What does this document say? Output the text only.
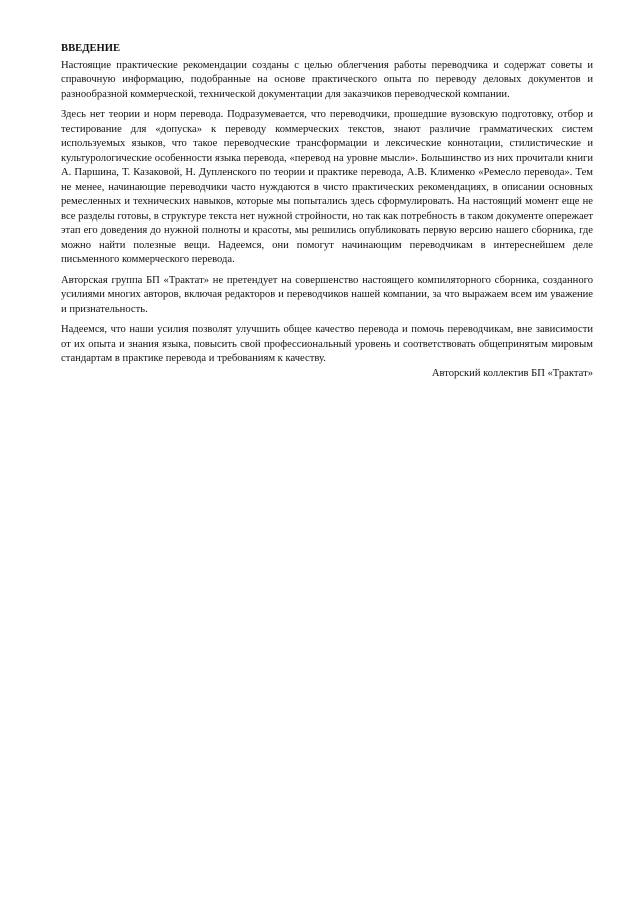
ВВЕДЕНИЕ

Настоящие практические рекомендации созданы с целью облегчения работы переводчика и содержат советы и справочную информацию, подобранные на основе практического опыта по переводу деловых документов и разнообразной коммерческой, технической документации для заказчиков переводческой компании.

Здесь нет теории и норм перевода. Подразумевается, что переводчики, прошедшие вузовскую подготовку, отбор и тестирование для «допуска» к переводу коммерческих текстов, знают различие грамматических систем используемых языков, что такое переводческие трансформации и лексические коннотации, стилистические и культурологические особенности языка перевода, «перевод на уровне мысли». Большинство из них прочитали книги А. Паршина, Т. Казаковой, Н. Дупленского по теории и практике перевода, А.В. Клименко «Ремесло перевода». Тем не менее, начинающие переводчики часто нуждаются в чисто практических рекомендациях, в описании основных ремесленных и технических навыков, которые мы попытались здесь сформулировать. На настоящий момент еще не все разделы готовы, в структуре текста нет нужной стройности, но так как потребность в таком документе опережает этап его доведения до нужной полноты и красоты, мы решились опубликовать первую версию нашего сборника, где можно найти полезные вещи. Надеемся, они помогут начинающим переводчикам в интереснейшем деле письменного коммерческого перевода.

Авторская группа БП «Трактат» не претендует на совершенство настоящего компиляторного сборника, созданного усилиями многих авторов, включая редакторов и переводчиков нашей компании, за что выражаем всем им уважение и признательность.

Надеемся, что наши усилия позволят улучшить общее качество перевода и помочь переводчикам, вне зависимости от их опыта и знания языка, повысить свой профессиональный уровень и соответствовать общепринятым мировым стандартам в практике перевода и требованиям к качеству.

Авторский коллектив БП «Трактат»
